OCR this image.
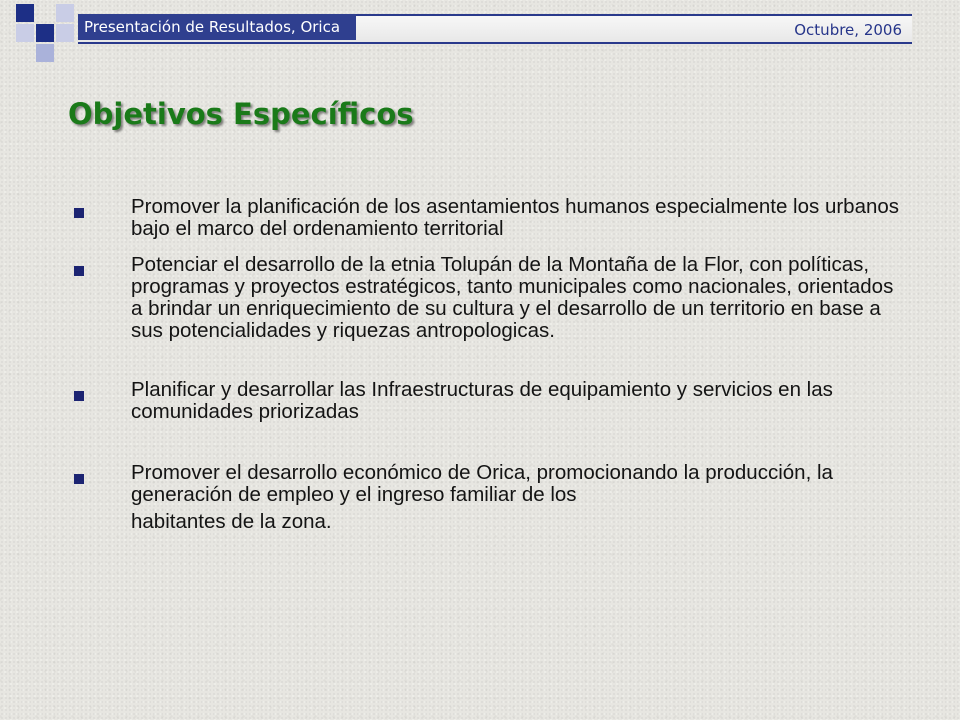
Presentación de Resultados, Orica	Octubre, 2006
Objetivos Específicos
Promover la planificación de los asentamientos humanos especialmente los urbanos bajo el marco del ordenamiento territorial
Potenciar el desarrollo de la etnia Tolupán de la Montaña de la Flor, con políticas, programas y proyectos estratégicos, tanto municipales como nacionales, orientados a brindar un enriquecimiento de su cultura y el desarrollo de un territorio en base a sus potencialidades y riquezas antropologicas.
Planificar y desarrollar las Infraestructuras de equipamiento y servicios en las comunidades priorizadas
Promover el desarrollo económico de Orica, promocionando la producción, la generación de empleo y el ingreso familiar de los
habitantes de la zona.
